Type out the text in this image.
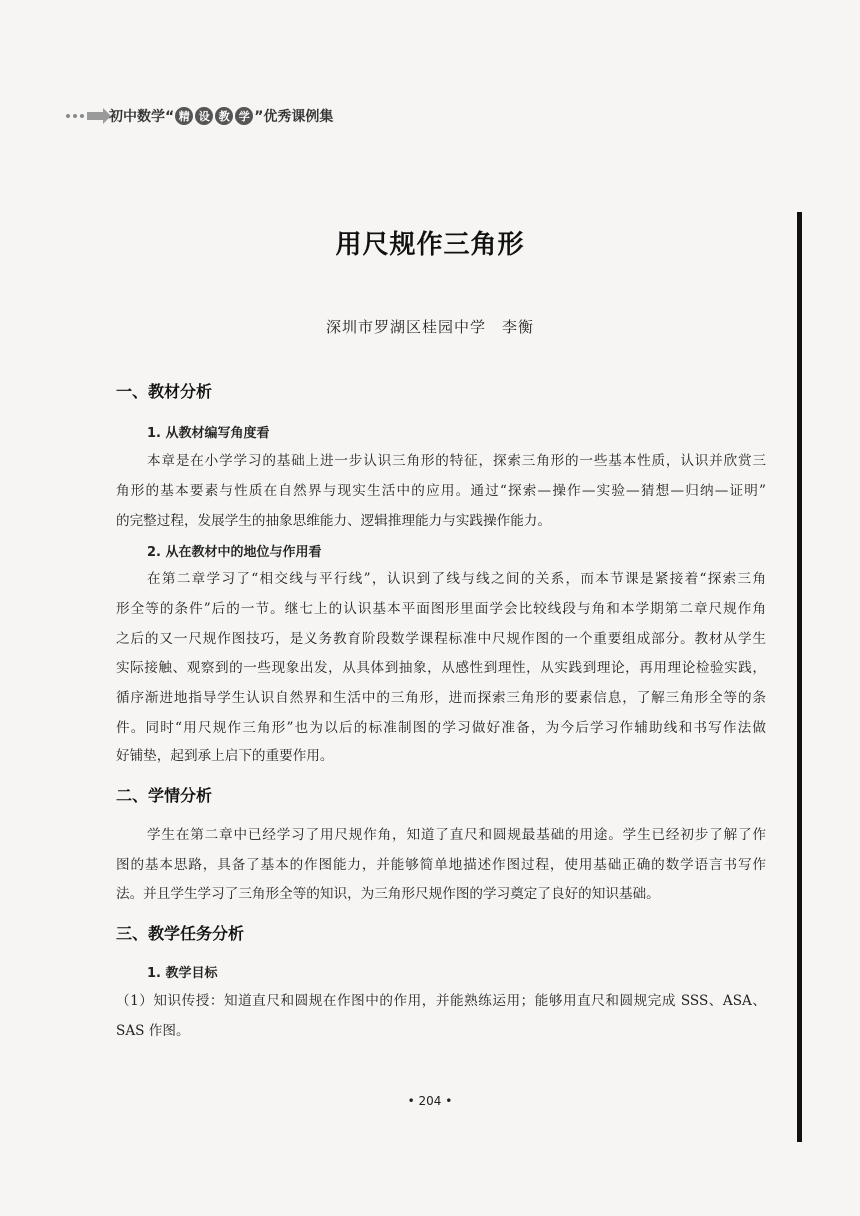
初中数学“ 精 设 教 学 ”优秀课例集
用尺规作三角形
深圳市罗湖区桂园中学　李衡
一、教材分析
1. 从教材编写角度看
本章是在小学学习的基础上进一步认识三角形的特征，探索三角形的一些基本性质，认识并欣赏三
角形的基本要素与性质在自然界与现实生活中的应用。通过“探索—操作—实验—猜想—归纳—证明”
的完整过程，发展学生的抽象思维能力、逻辑推理能力与实践操作能力。
2. 从在教材中的地位与作用看
在第二章学习了“相交线与平行线”，认识到了线与线之间的关系，而本节课是紧接着“探索三角
形全等的条件”后的一节。继七上的认识基本平面图形里面学会比较线段与角和本学期第二章尺规作角
之后的又一尺规作图技巧，是义务教育阶段数学课程标准中尺规作图的一个重要组成部分。教材从学生
实际接触、观察到的一些现象出发，从具体到抽象，从感性到理性，从实践到理论，再用理论检验实践，
循序渐进地指导学生认识自然界和生活中的三角形，进而探索三角形的要素信息，了解三角形全等的条
件。同时“用尺规作三角形”也为以后的标准制图的学习做好准备，为今后学习作辅助线和书写作法做
好铺垫，起到承上启下的重要作用。
二、学情分析
学生在第二章中已经学习了用尺规作角，知道了直尺和圆规最基础的用途。学生已经初步了解了作
图的基本思路，具备了基本的作图能力，并能够简单地描述作图过程，使用基础正确的数学语言书写作
法。并且学生学习了三角形全等的知识，为三角形尺规作图的学习奠定了良好的知识基础。
三、教学任务分析
1. 教学目标
（1）知识传授：知道直尺和圆规在作图中的作用，并能熟练运用；能够用直尺和圆规完成 SSS、ASA、
SAS 作图。
• 204 •
